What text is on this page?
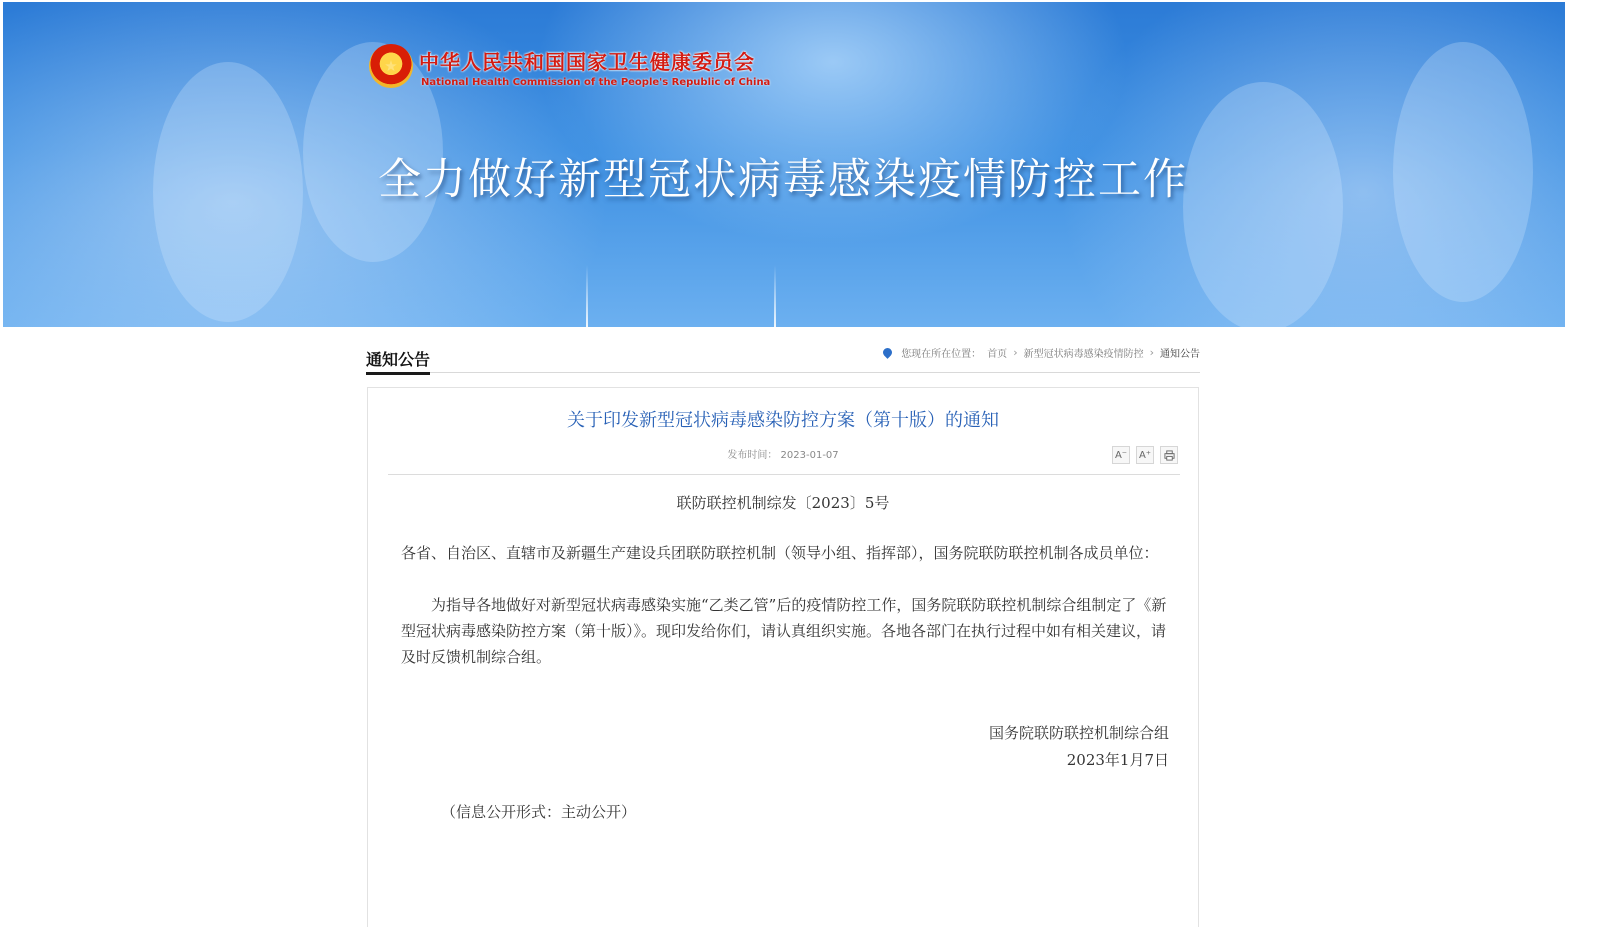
★	中华人民共和国国家卫生健康委员会
National Health Commission of the People's Republic of China
全力做好新型冠状病毒感染疫情防控工作
通知公告	您现在所在位置： 首页 › 新型冠状病毒感染疫情防控 › 通知公告
关于印发新型冠状病毒感染防控方案（第十版）的通知
发布时间： 2023-01-07	A⁻ A⁺
联防联控机制综发〔2023〕5号

各省、自治区、直辖市及新疆生产建设兵团联防联控机制（领导小组、指挥部），国务院联防联控机制各成员单位：

为指导各地做好对新型冠状病毒感染实施“乙类乙管”后的疫情防控工作，国务院联防联控机制综合组制定了《新型冠状病毒感染防控方案（第十版）》。现印发给你们，请认真组织实施。各地各部门在执行过程中如有相关建议，请及时反馈机制综合组。

国务院联防联控机制综合组
2023年1月7日
（信息公开形式：主动公开）
